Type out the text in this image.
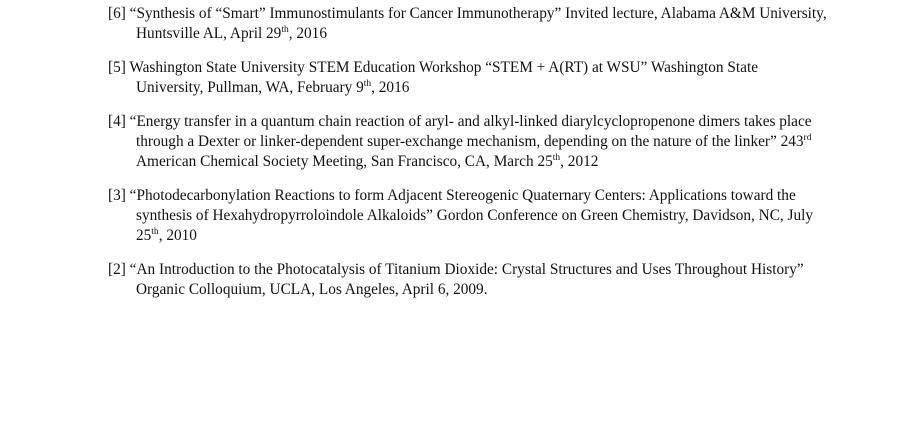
[6] “Synthesis of “Smart” Immunostimulants for Cancer Immunotherapy” Invited lecture, Alabama A&M University, Huntsville AL, April 29th, 2016
[5] Washington State University STEM Education Workshop “STEM + A(RT) at WSU” Washington State University, Pullman, WA, February 9th, 2016
[4] “Energy transfer in a quantum chain reaction of aryl- and alkyl-linked diarylcyclopropenone dimers takes place through a Dexter or linker-dependent super-exchange mechanism, depending on the nature of the linker” 243rd American Chemical Society Meeting, San Francisco, CA, March 25th, 2012
[3] “Photodecarbonylation Reactions to form Adjacent Stereogenic Quaternary Centers: Applications toward the synthesis of Hexahydropyrroloindole Alkaloids” Gordon Conference on Green Chemistry, Davidson, NC, July 25th, 2010
[2] “An Introduction to the Photocatalysis of Titanium Dioxide: Crystal Structures and Uses Throughout History” Organic Colloquium, UCLA, Los Angeles, April 6, 2009.
